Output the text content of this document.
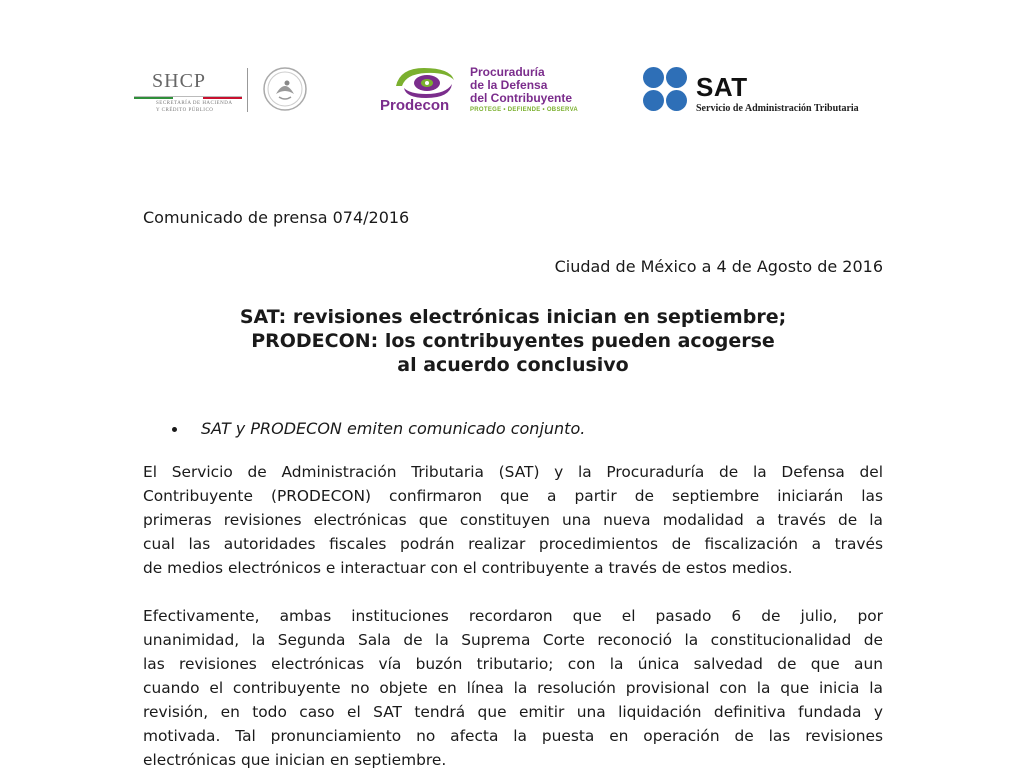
SHCP
SECRETARÍA DE HACIENDA
Y CRÉDITO PÚBLICO	Prodecon
Procuraduría
de la Defensa
del Contribuyente
PROTEGE • DEFIENDE • OBSERVA
SAT
Servicio de Administración Tributaria
Comunicado de prensa 074/2016
Ciudad de México a 4 de Agosto de 2016
SAT: revisiones electrónicas inician en septiembre;
PRODECON: los contribuyentes pueden acogerse
al acuerdo conclusivo
SAT y PRODECON emiten comunicado conjunto.
El Servicio de Administración Tributaria (SAT) y la Procuraduría de la Defensa del
Contribuyente (PRODECON) confirmaron que a partir de septiembre iniciarán las
primeras revisiones electrónicas que constituyen una nueva modalidad a través de la
cual las autoridades fiscales podrán realizar procedimientos de fiscalización a través
de medios electrónicos e interactuar con el contribuyente a través de estos medios.
Efectivamente, ambas instituciones recordaron que el pasado 6 de julio, por
unanimidad, la Segunda Sala de la Suprema Corte reconoció la constitucionalidad de
las revisiones electrónicas vía buzón tributario; con la única salvedad de que aun
cuando el contribuyente no objete en línea la resolución provisional con la que inicia la
revisión, en todo caso el SAT tendrá que emitir una liquidación definitiva fundada y
motivada. Tal pronunciamiento no afecta la puesta en operación de las revisiones
electrónicas que inician en septiembre.
